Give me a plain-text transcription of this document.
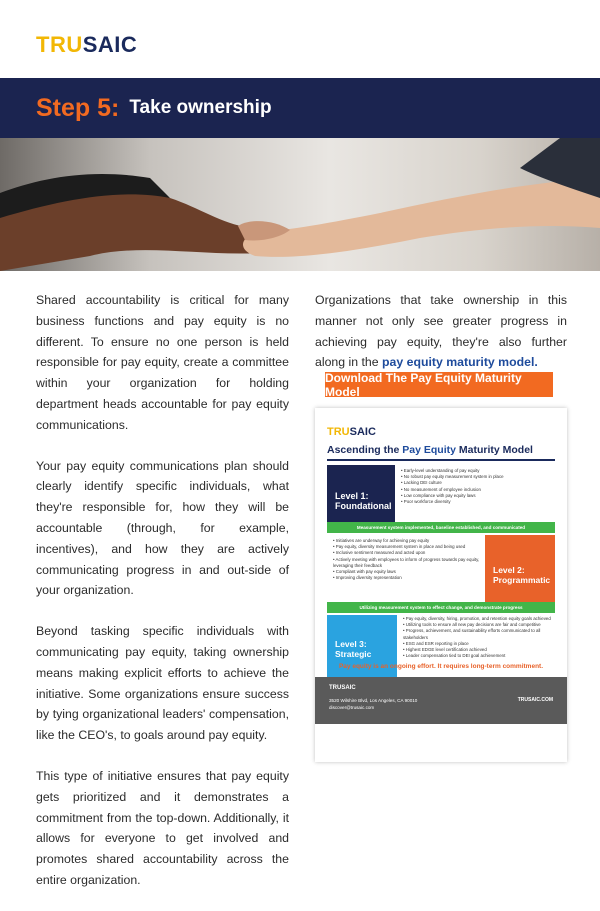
TRUSAIC
Step 5: Take ownership

Shared accountability is critical for many business functions and pay equity is no different. To ensure no one person is held responsible for pay equity, create a committee within your organization for holding department heads accountable for pay equity communications.

Your pay equity communications plan should clearly identify specific individuals, what they're responsible for, how they will be accountable (through, for example, incentives), and how they are actively communicating progress in and out-side of your organization.

Beyond tasking specific individuals with communicating pay equity, taking ownership means making explicit efforts to achieve the initiative. Some organizations ensure success by tying organizational leaders' compensation, like the CEO's, to goals around pay equity.

This type of initiative ensures that pay equity gets prioritized and it demonstrates a commitment from the top-down. Additionally, it allows for everyone to get involved and promotes shared accountability across the entire organization.

Organizations that take ownership in this manner not only see greater progress in achieving pay equity, they're also further along in the pay equity maturity model.

Download The Pay Equity Maturity Model
TRUSAIC
Ascending the Pay Equity Maturity Model
Level 1: Foundational
• Early-level understanding of pay equity
• No robust pay equity measurement system in place
• Lacking DEI culture
• No measurement of employee inclusion
• Low compliance with pay equity laws
• Poor workforce diversity
Measurement system implemented, baseline established, and communicated
• Initiatives are underway for achieving pay equity
• Pay equity, diversity measurement system in place and being used
• Inclusive sentiment measured and acted upon
• Actively meeting with employees to inform of progress towards pay equity, leveraging their feedback
• Compliant with pay equity laws
• Improving diversity representation
Level 2: Programmatic
Utilizing measurement system to effect change, and demonstrate progress
Level 3: Strategic
• Pay equity, diversity, hiring, promotion, and retention equity goals achieved
• Utilizing tools to ensure all new pay decisions are fair and competitive
• Progress, achievement, and sustainability efforts communicated to all stakeholders
• ESG and ESR reporting in place
• Highest EDGE level certification achieved
• Leader compensation tied to DEI goal achievement
Pay equity is an ongoing effort. It requires long-term commitment.
TRUSAIC
3520 Wilshire Blvd, Los Angeles, CA 90010
discover@trusaic.com
TRUSAIC.COM
